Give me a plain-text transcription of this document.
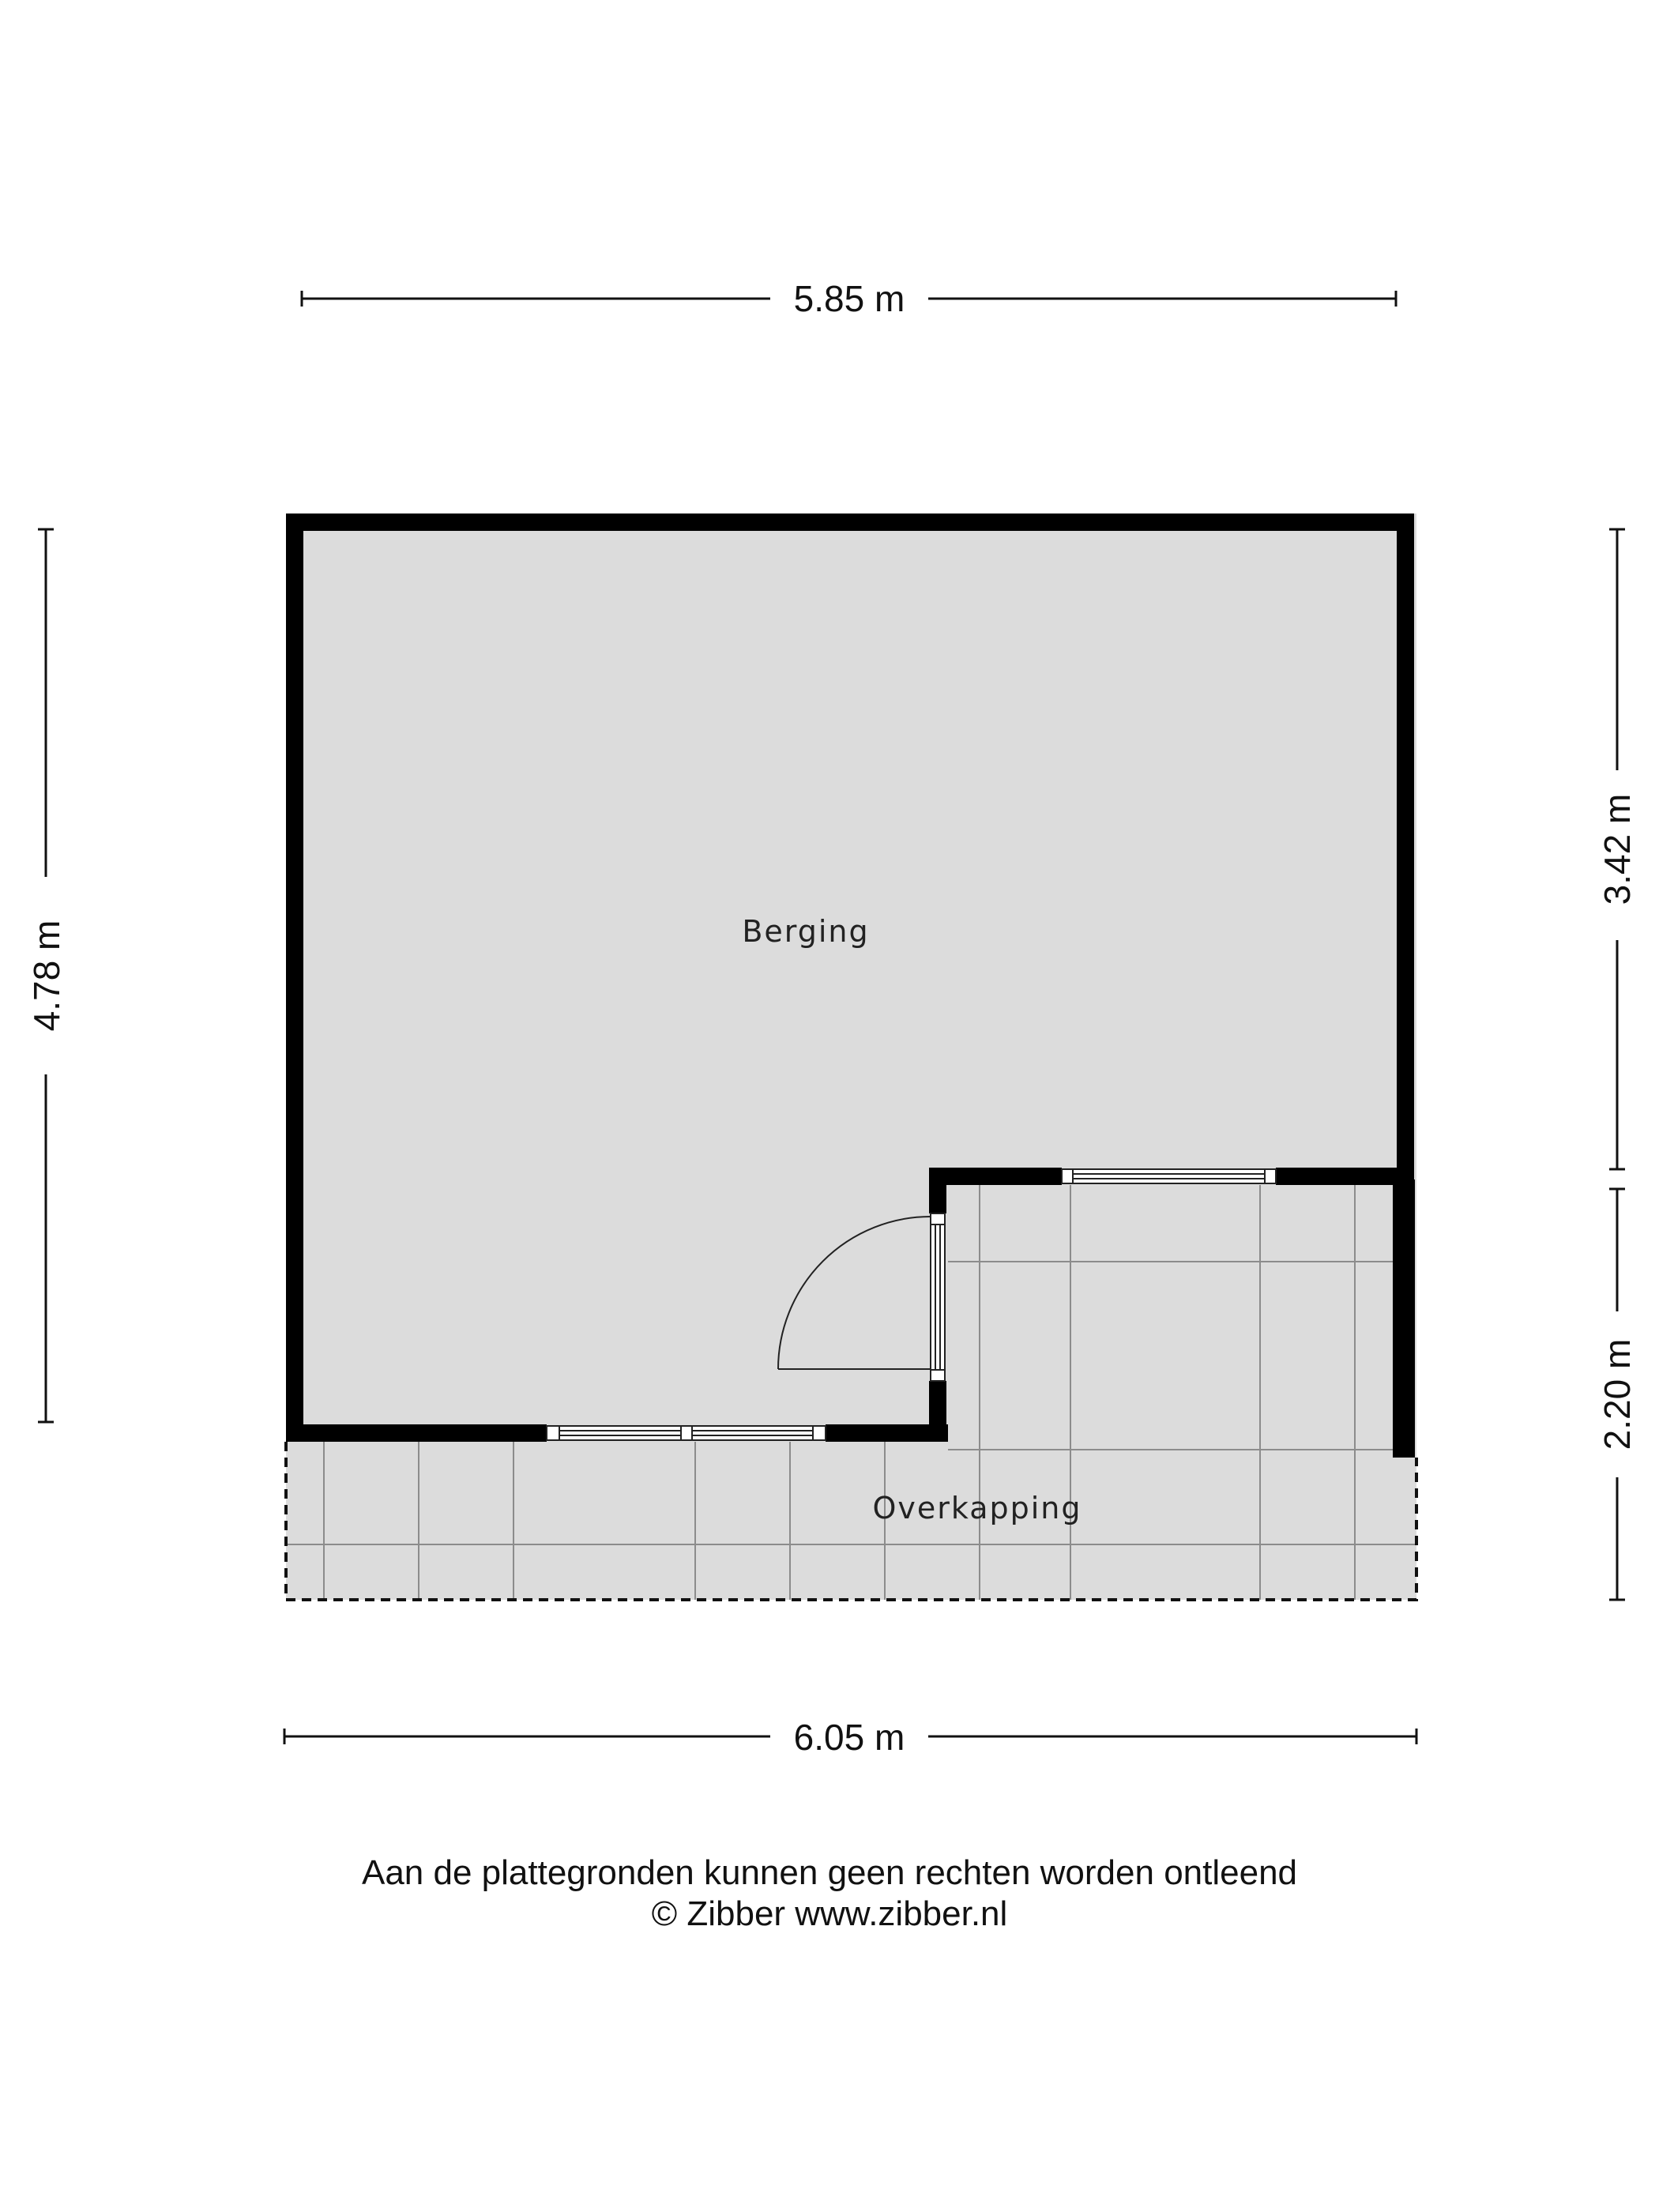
Berging
Overkapping
5.85 m
6.05 m
4.78 m
3.42 m
2.20 m
Aan de plattegronden kunnen geen rechten worden ontleend
© Zibber www.zibber.nl
